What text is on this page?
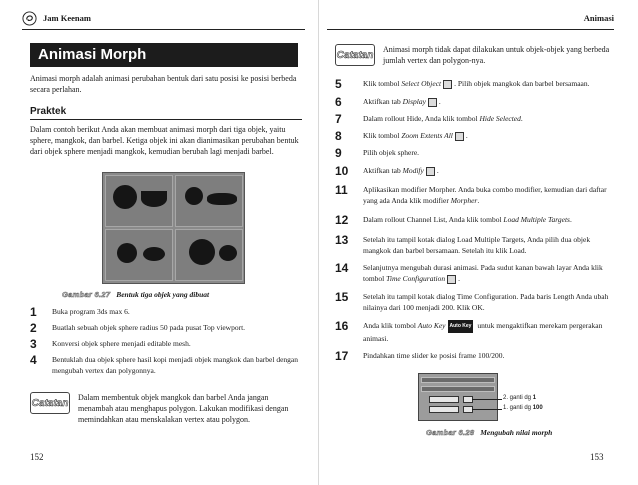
Jam Keenam
Animasi Morph
Animasi morph adalah animasi perubahan bentuk dari satu posisi ke posisi berbeda secara perlahan.
Praktek
Dalam contoh berikut Anda akan membuat animasi morph dari tiga objek, yaitu sphere, mangkok, dan barbel. Ketiga objek ini akan dianimasikan perubahan bentuk dari objek sphere menjadi mangkok, kemudian berubah lagi menjadi barbel.
Gambar 6.27 Bentuk tiga objek yang dibuat
1	Buka program 3ds max 6.
2	Buatlah sebuah objek sphere radius 50 pada pusat Top viewport.
3	Konversi objek sphere menjadi editable mesh.
4	Bentuklah dua objek sphere hasil kopi menjadi objek mangkok dan barbel dengan mengubah vertex dan polygonnya.
Catatan Dalam membentuk objek mangkok dan barbel Anda jangan menambah atau menghapus polygon. Lakukan modifikasi dengan memindahkan atau menskalakan vertex atau polygon.
152
Animasi
Catatan Animasi morph tidak dapat dilakukan untuk objek-objek yang berbeda jumlah vertex dan polygon-nya.
5	Klik tombol Select Object . Pilih objek mangkok dan barbel bersamaan.
6	Aktifkan tab Display .
7	Dalam rollout Hide, Anda klik tombol Hide Selected.
8	Klik tombol Zoom Extents All .
9	Pilih objek sphere.
10	Aktifkan tab Modify .
11	Aplikasikan modifier Morpher. Anda buka combo modifier, kemudian dari daftar yang ada Anda klik modifier Morpher.
12	Dalam rollout Channel List, Anda klik tombol Load Multiple Targets.
13	Setelah itu tampil kotak dialog Load Multiple Targets, Anda pilih dua objek mangkok dan barbel bersamaan. Setelah itu klik Load.
14	Selanjutnya mengubah durasi animasi. Pada sudut kanan bawah layar Anda klik tombol Time Configuration .
15	Setelah itu tampil kotak dialog Time Configuration. Pada baris Length Anda ubah nilainya dari 100 menjadi 200. Klik OK.
16	Anda klik tombol Auto Key Auto Key untuk mengaktifkan merekam pergerakan animasi.
17	Pindahkan time slider ke posisi frame 100/200.
2. ganti dg 1
1. ganti dg 100
Gambar 6.28 Mengubah nilai morph
153
